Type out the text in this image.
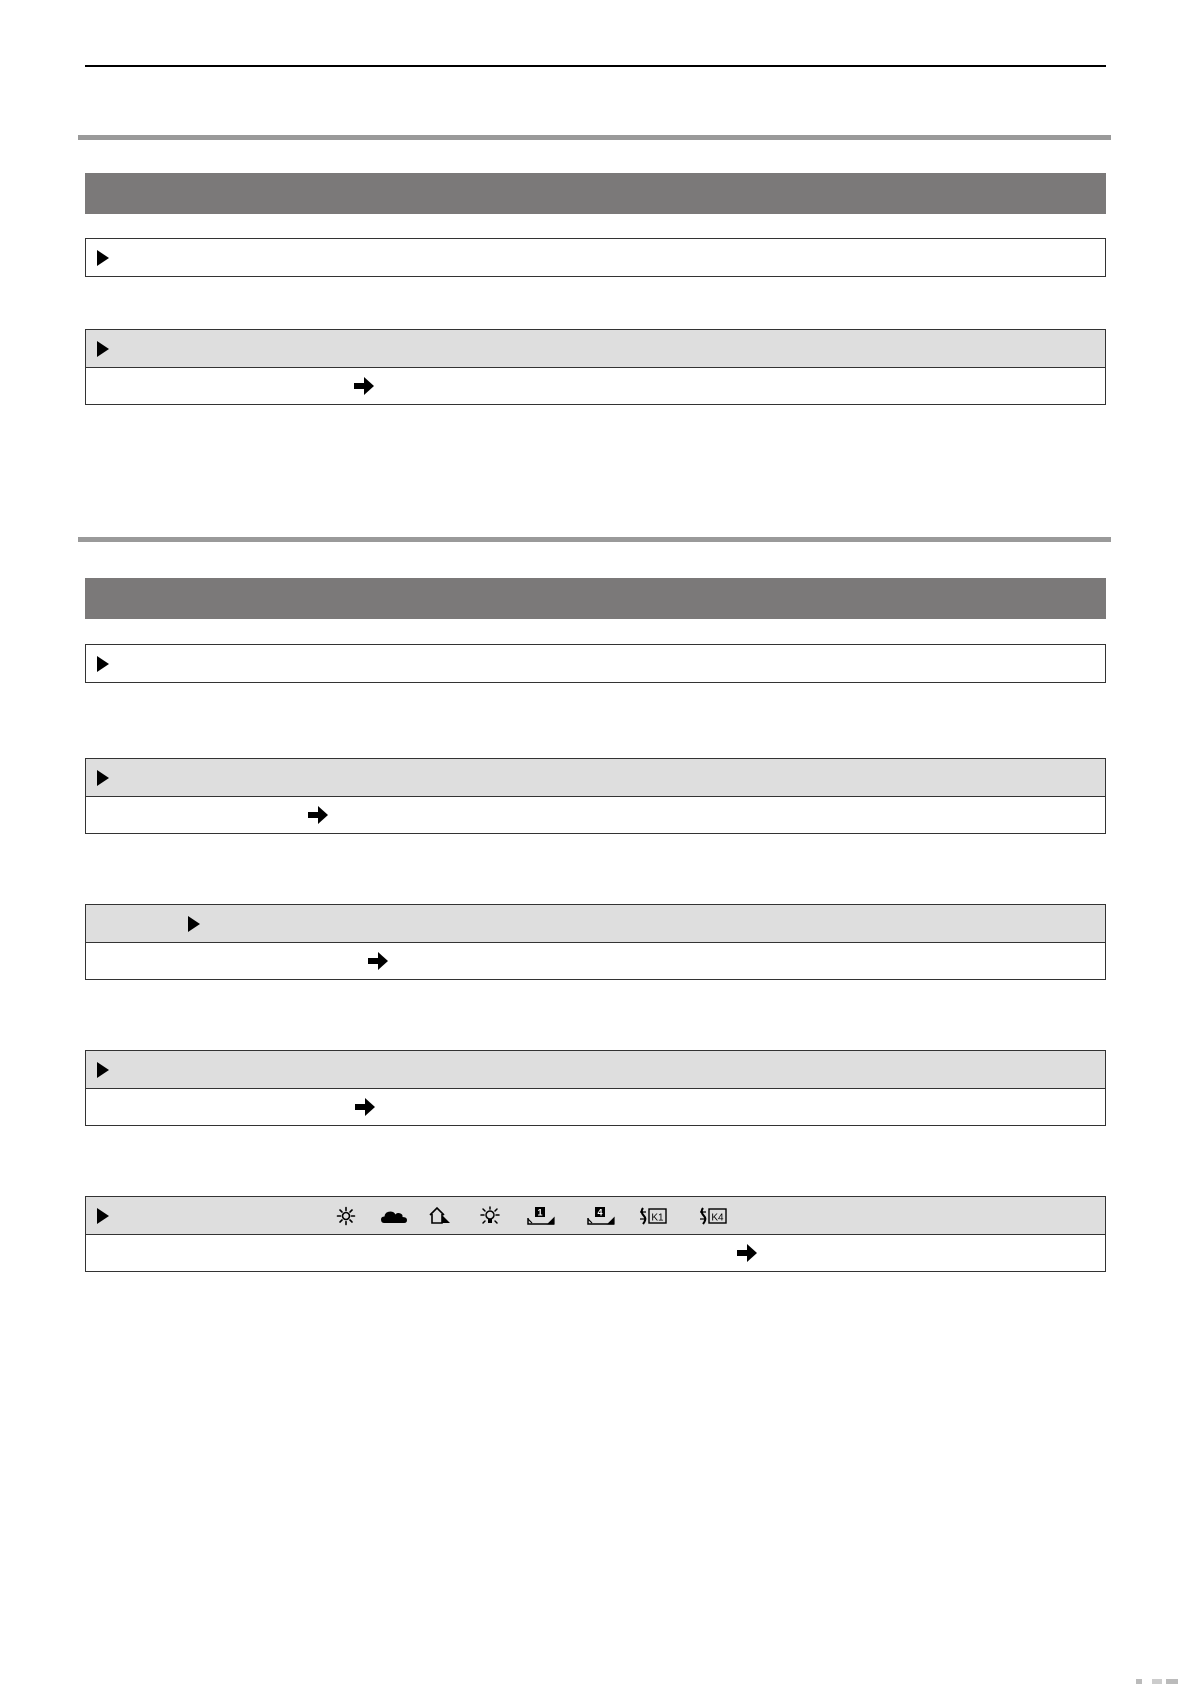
1	4	K1	K4
